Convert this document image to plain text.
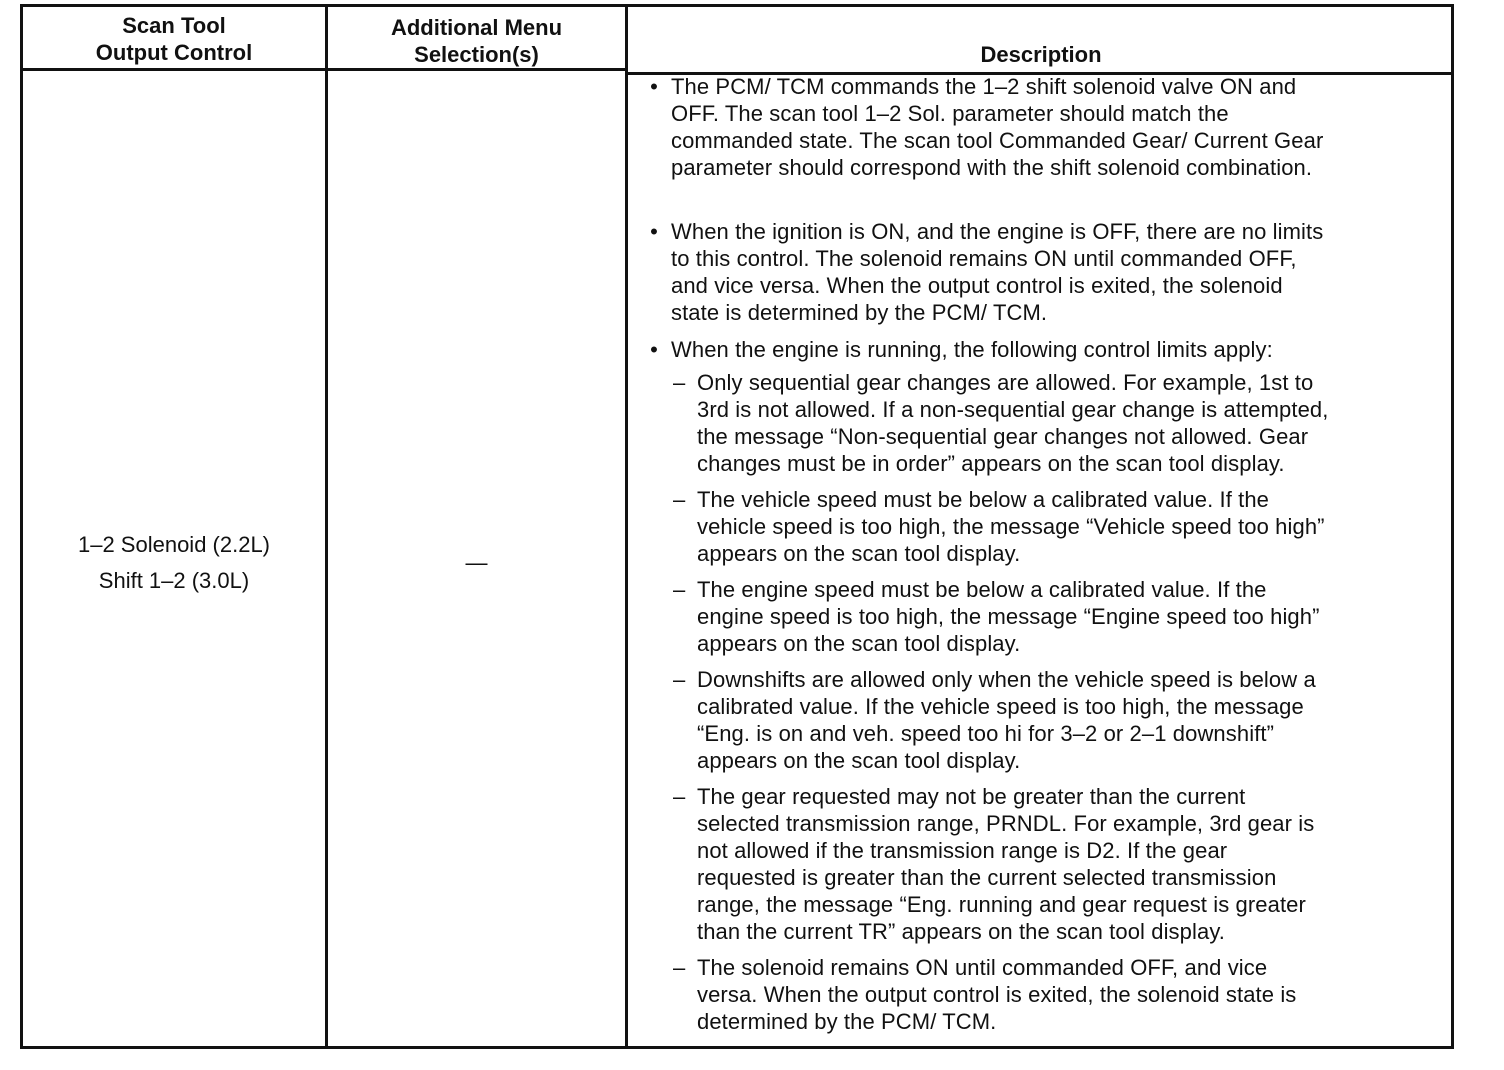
Scan Tool
Output Control
Additional Menu
Selection(s)	Description
1–2 Solenoid (2.2L)
Shift 1–2 (3.0L)
—
• The PCM/ TCM commands the 1–2 shift solenoid valve ON and
OFF. The scan tool 1–2 Sol. parameter should match the
commanded state. The scan tool Commanded Gear/ Current Gear
parameter should correspond with the shift solenoid combination.
• When the ignition is ON, and the engine is OFF, there are no limits
to this control. The solenoid remains ON until commanded OFF,
and vice versa. When the output control is exited, the solenoid
state is determined by the PCM/ TCM.
• When the engine is running, the following control limits apply:
– Only sequential gear changes are allowed. For example, 1st to
3rd is not allowed. If a non-sequential gear change is attempted,
the message “Non-sequential gear changes not allowed. Gear
changes must be in order” appears on the scan tool display.
– The vehicle speed must be below a calibrated value. If the
vehicle speed is too high, the message “Vehicle speed too high”
appears on the scan tool display.
– The engine speed must be below a calibrated value. If the
engine speed is too high, the message “Engine speed too high”
appears on the scan tool display.
– Downshifts are allowed only when the vehicle speed is below a
calibrated value. If the vehicle speed is too high, the message
“Eng. is on and veh. speed too hi for 3–2 or 2–1 downshift”
appears on the scan tool display.
– The gear requested may not be greater than the current
selected transmission range, PRNDL. For example, 3rd gear is
not allowed if the transmission range is D2. If the gear
requested is greater than the current selected transmission
range, the message “Eng. running and gear request is greater
than the current TR” appears on the scan tool display.
– The solenoid remains ON until commanded OFF, and vice
versa. When the output control is exited, the solenoid state is
determined by the PCM/ TCM.
